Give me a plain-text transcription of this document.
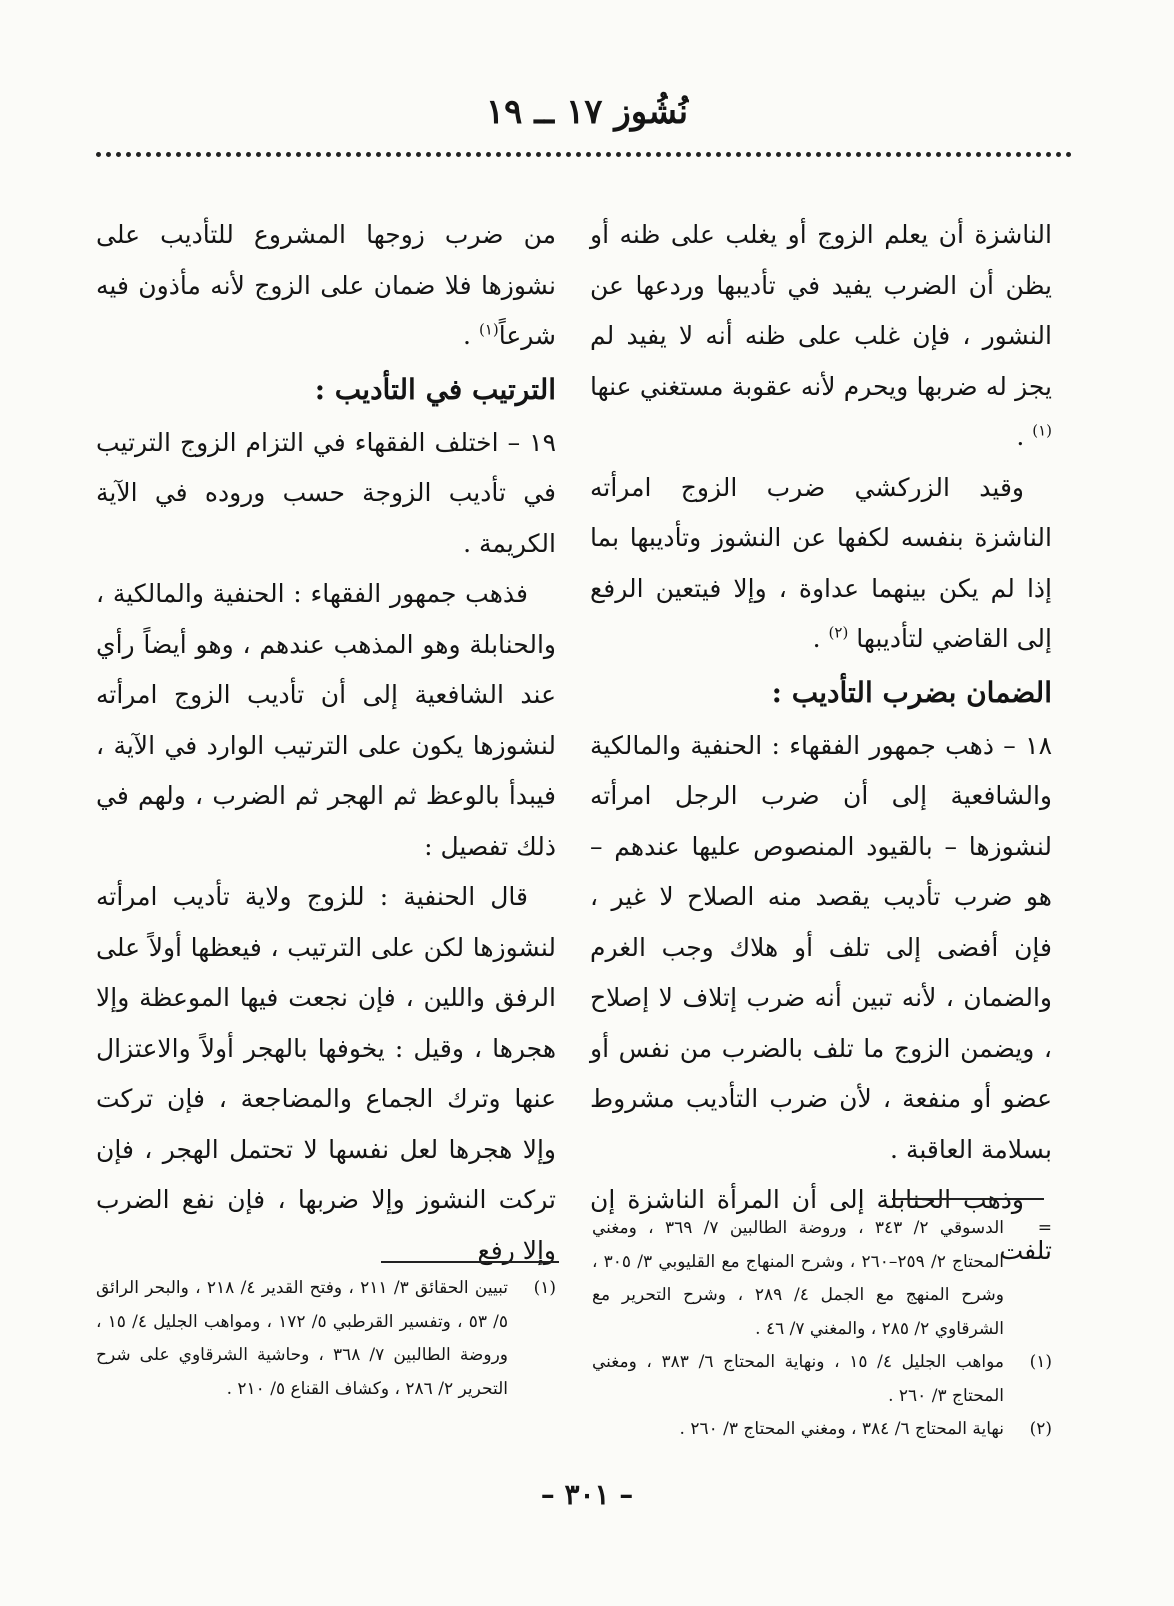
نُشُوز ١٧ ــ ١٩

الناشزة أن يعلم الزوج أو يغلب على ظنه أو يظن أن الضرب يفيد في تأديبها وردعها عن النشور ، فإن غلب على ظنه أنه لا يفيد لم يجز له ضربها ويحرم لأنه عقوبة مستغني عنها $^{(١)}$ .

وقيد الزركشي ضرب الزوج امرأته الناشزة بنفسه لكفها عن النشوز وتأديبها بما إذا لم يكن بينهما عداوة ، وإلا فيتعين الرفع إلى القاضي لتأديبها $^{(٢)}$ .

الضمان بضرب التأديب :

١٨ – ذهب جمهور الفقهاء : الحنفية والمالكية والشافعية إلى أن ضرب الرجل امرأته لنشوزها – بالقيود المنصوص عليها عندهم – هو ضرب تأديب يقصد منه الصلاح لا غير ، فإن أفضى إلى تلف أو هلاك وجب الغرم والضمان ، لأنه تبين أنه ضرب إتلاف لا إصلاح ، ويضمن الزوج ما تلف بالضرب من نفس أو عضو أو منفعة ، لأن ضرب التأديب مشروط بسلامة العاقبة .

وذهب الحنابلة إلى أن المرأة الناشزة إن تلفت

من ضرب زوجها المشروع للتأديب على نشوزها فلا ضمان على الزوج لأنه مأذون فيه شرعاً$^{(١)}$ .

الترتيب في التأديب :

١٩ – اختلف الفقهاء في التزام الزوج الترتيب في تأديب الزوجة حسب وروده في الآية الكريمة .

فذهب جمهور الفقهاء : الحنفية والمالكية ، والحنابلة وهو المذهب عندهم ، وهو أيضاً رأي عند الشافعية إلى أن تأديب الزوج امرأته لنشوزها يكون على الترتيب الوارد في الآية ، فيبدأ بالوعظ ثم الهجر ثم الضرب ، ولهم في ذلك تفصيل :

قال الحنفية : للزوج ولاية تأديب امرأته لنشوزها لكن على الترتيب ، فيعظها أولاً على الرفق واللين ، فإن نجعت فيها الموعظة وإلا هجرها ، وقيل : يخوفها بالهجر أولاً والاعتزال عنها وترك الجماع والمضاجعة ، فإن تركت وإلا هجرها لعل نفسها لا تحتمل الهجر ، فإن تركت النشوز وإلا ضربها ، فإن نفع الضرب وإلا رفع

=
الدسوقي ٢/ ٣٤٣ ، وروضة الطالبين ٧/ ٣٦٩ ، ومغني المحتاج ٢/ ٢٥٩–٢٦٠ ، وشرح المنهاج مع القليوبي ٣/ ٣٠٥ ، وشرح المنهج مع الجمل ٤/ ٢٨٩ ، وشرح التحرير مع الشرقاوي ٢/ ٢٨٥ ، والمغني ٧/ ٤٦ .
(١)
مواهب الجليل ٤/ ١٥ ، ونهاية المحتاج ٦/ ٣٨٣ ، ومغني المحتاج ٣/ ٢٦٠ .
(٢)
نهاية المحتاج ٦/ ٣٨٤ ، ومغني المحتاج ٣/ ٢٦٠ .
(١)
تبيين الحقائق ٣/ ٢١١ ، وفتح القدير ٤/ ٢١٨ ، والبحر الرائق ٥/ ٥٣ ، وتفسير القرطبي ٥/ ١٧٢ ، ومواهب الجليل ٤/ ١٥ ، وروضة الطالبين ٧/ ٣٦٨ ، وحاشية الشرقاوي على شرح التحرير ٢/ ٢٨٦ ، وكشاف القناع ٥/ ٢١٠ .
– ٣٠١ –
